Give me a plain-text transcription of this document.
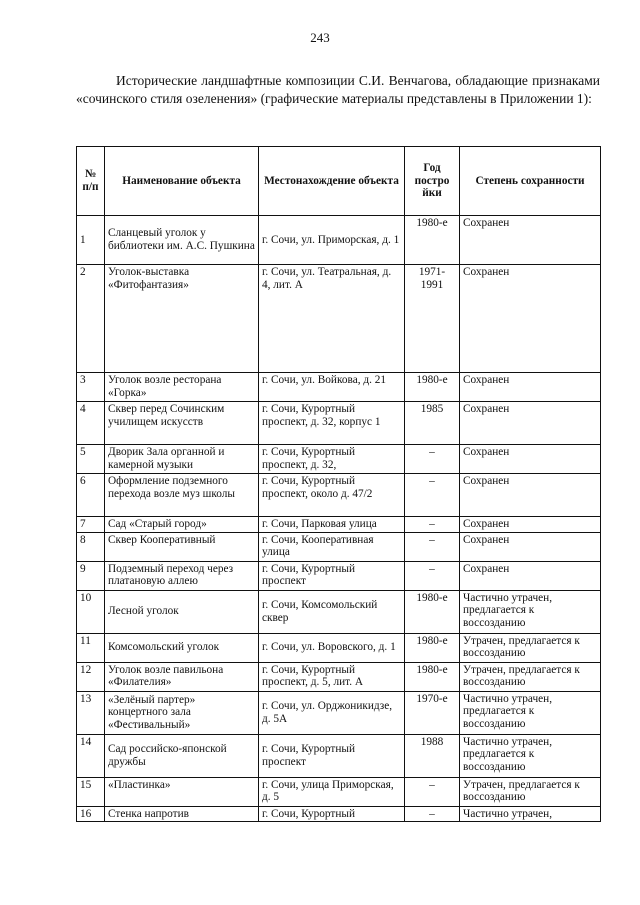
243

Исторические ландшафтные композиции С.И. Венчагова, обладающие признаками «сочинского стиля озеленения» (графические материалы представлены в Приложении 1):

№ п/п	Наименование объекта	Местонахождение объекта	Год постро йки	Степень сохранности
1	Сланцевый уголок у библиотеки им. А.С. Пушкина	г. Сочи, ул. Приморская, д. 1	1980-е	Сохранен
2	Уголок-выставка «Фитофантазия»	г. Сочи, ул. Театральная, д. 4, лит. А	1971-1991	Сохранен
3	Уголок возле ресторана «Горка»	г. Сочи, ул. Войкова, д. 21	1980-е	Сохранен
4	Сквер перед Сочинским училищем искусств	г. Сочи, Курортный проспект, д. 32, корпус 1	1985	Сохранен
5	Дворик Зала органной и камерной музыки	г. Сочи, Курортный проспект, д. 32,	–	Сохранен
6	Оформление подземного перехода возле муз школы	г. Сочи, Курортный проспект, около д. 47/2	–	Сохранен
7	Сад «Старый город»	г. Сочи, Парковая улица	–	Сохранен
8	Сквер Кооперативный	г. Сочи, Кооперативная улица	–	Сохранен
9	Подземный переход через платановую аллею	г. Сочи, Курортный проспект	–	Сохранен
10	Лесной уголок	г. Сочи, Комсомольский сквер	1980-е	Частично утрачен, предлагается к воссозданию
11	Комсомольский уголок	г. Сочи, ул. Воровского, д. 1	1980-е	Утрачен, предлагается к воссозданию
12	Уголок возле павильона «Филателия»	г. Сочи, Курортный проспект, д. 5, лит. А	1980-е	Утрачен, предлагается к воссозданию
13	«Зелёный партер» концертного зала «Фестивальный»	г. Сочи, ул. Орджоникидзе, д. 5А	1970-е	Частично утрачен, предлагается к воссозданию
14	Сад российско-японской дружбы	г. Сочи, Курортный проспект	1988	Частично утрачен, предлагается к воссозданию
15	«Пластинка»	г. Сочи, улица Приморская, д. 5	–	Утрачен, предлагается к воссозданию
16	Стенка напротив	г. Сочи, Курортный	–	Частично утрачен,
